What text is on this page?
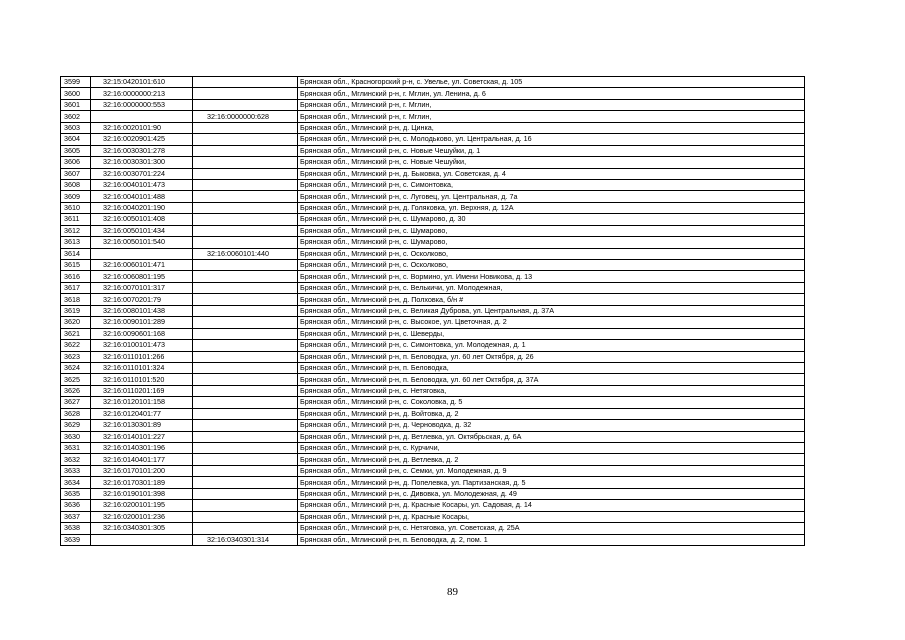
3599	32:15:0420101:610		Брянская обл., Красногорский р-н, с. Увелье, ул. Советская, д. 105
3600	32:16:0000000:213		Брянская обл., Мглинский р-н, г. Мглин, ул. Ленина, д. 6
3601	32:16:0000000:553		Брянская обл., Мглинский р-н, г. Мглин,
3602		32:16:0000000:628	Брянская обл., Мглинский р-н, г. Мглин,
3603	32:16:0020101:90		Брянская обл., Мглинский р-н, д. Цинка,
3604	32:16:0020901:425		Брянская обл., Мглинский р-н, с. Молодьково, ул. Центральная, д. 16
3605	32:16:0030301:278		Брянская обл., Мглинский р-н, с. Новые Чешуйки, д. 1
3606	32:16:0030301:300		Брянская обл., Мглинский р-н, с. Новые Чешуйки,
3607	32:16:0030701:224		Брянская обл., Мглинский р-н, д. Быковка, ул. Советская, д. 4
3608	32:16:0040101:473		Брянская обл., Мглинский р-н, с. Симонтовка,
3609	32:16:0040101:488		Брянская обл., Мглинский р-н, с. Луговец, ул. Центральная, д. 7а
3610	32:16:0040201:190		Брянская обл., Мглинский р-н, д. Голяковка, ул. Верхняя, д. 12А
3611	32:16:0050101:408		Брянская обл., Мглинский р-н, с. Шумарово, д. 30
3612	32:16:0050101:434		Брянская обл., Мглинский р-н, с. Шумарово,
3613	32:16:0050101:540		Брянская обл., Мглинский р-н, с. Шумарово,
3614		32:16:0060101:440	Брянская обл., Мглинский р-н, с. Осколково,
3615	32:16:0060101:471		Брянская обл., Мглинский р-н, с. Осколково,
3616	32:16:0060801:195		Брянская обл., Мглинский р-н, с. Вормино, ул. Имени Новикова, д. 13
3617	32:16:0070101:317		Брянская обл., Мглинский р-н, с. Велькичи, ул. Молодежная,
3618	32:16:0070201:79		Брянская обл., Мглинский р-н, д. Полховка, б/н #
3619	32:16:0080101:438		Брянская обл., Мглинский р-н, с. Великая Дуброва, ул. Центральная, д. 37А
3620	32:16:0090101:289		Брянская обл., Мглинский р-н, с. Высокое, ул. Цветочная, д. 2
3621	32:16:0090601:168		Брянская обл., Мглинский р-н, с. Шеверды,
3622	32:16:0100101:473		Брянская обл., Мглинский р-н, с. Симонтовка, ул. Молодежная, д. 1
3623	32:16:0110101:266		Брянская обл., Мглинский р-н, п. Беловодка, ул. 60 лет Октября, д. 26
3624	32:16:0110101:324		Брянская обл., Мглинский р-н, п. Беловодка,
3625	32:16:0110101:520		Брянская обл., Мглинский р-н, п. Беловодка, ул. 60 лет Октября, д. 37А
3626	32:16:0110201:169		Брянская обл., Мглинский р-н, с. Нетяговка,
3627	32:16:0120101:158		Брянская обл., Мглинский р-н, с. Соколовка, д. 5
3628	32:16:0120401:77		Брянская обл., Мглинский р-н, д. Войтовка, д. 2
3629	32:16:0130301:89		Брянская обл., Мглинский р-н, д. Черноводка, д. 32
3630	32:16:0140101:227		Брянская обл., Мглинский р-н, д. Ветлевка, ул. Октябрьская, д. 6А
3631	32:16:0140301:196		Брянская обл., Мглинский р-н, с. Курчичи,
3632	32:16:0140401:177		Брянская обл., Мглинский р-н, д. Ветлевка, д. 2
3633	32:16:0170101:200		Брянская обл., Мглинский р-н, с. Семки, ул. Молодежная, д. 9
3634	32:16:0170301:189		Брянская обл., Мглинский р-н, д. Попелевка, ул. Партизанская, д. 5
3635	32:16:0190101:398		Брянская обл., Мглинский р-н, с. Дивовка, ул. Молодежная, д. 49
3636	32:16:0200101:195		Брянская обл., Мглинский р-н, д. Красные Косары, ул. Садовая, д. 14
3637	32:16:0200101:236		Брянская обл., Мглинский р-н, д. Красные Косары,
3638	32:16:0340301:305		Брянская обл., Мглинский р-н, с. Нетяговка, ул. Советская, д. 25А
3639		32:16:0340301:314	Брянская обл., Мглинский р-н, п. Беловодка, д. 2, пом. 1
89
